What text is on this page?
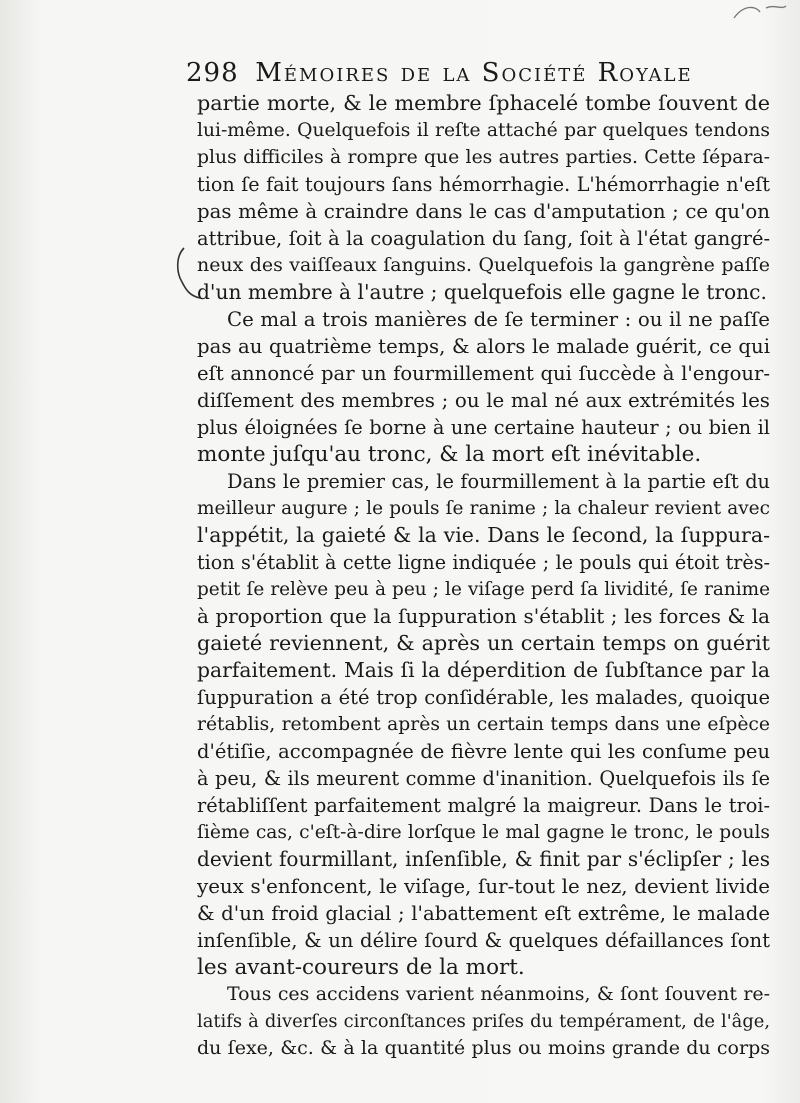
298 Mémoires de la Société Royale
partie morte, & le membre ſphacelé tombe ſouvent de
lui-même. Quelquefois il reſte attaché par quelques tendons
plus difficiles à rompre que les autres parties. Cette ſépara-
tion ſe fait toujours ſans hémorrhagie. L'hémorrhagie n'eſt
pas même à craindre dans le cas d'amputation ; ce qu'on
attribue, ſoit à la coagulation du ſang, ſoit à l'état gangré-
neux des vaiſſeaux ſanguins. Quelquefois la gangrène paſſe
d'un membre à l'autre ; quelquefois elle gagne le tronc.
Ce mal a trois manières de ſe terminer : ou il ne paſſe
pas au quatrième temps, & alors le malade guérit, ce qui
eſt annoncé par un fourmillement qui ſuccède à l'engour-
diſſement des membres ; ou le mal né aux extrémités les
plus éloignées ſe borne à une certaine hauteur ; ou bien il
monte juſqu'au tronc, & la mort eſt inévitable.
Dans le premier cas, le fourmillement à la partie eſt du
meilleur augure ; le pouls ſe ranime ; la chaleur revient avec
l'appétit, la gaieté & la vie. Dans le ſecond, la ſuppura-
tion s'établit à cette ligne indiquée ; le pouls qui étoit très-
petit ſe relève peu à peu ; le viſage perd ſa lividité, ſe ranime
à proportion que la ſuppuration s'établit ; les forces & la
gaieté reviennent, & après un certain temps on guérit
parfaitement. Mais ſi la déperdition de ſubſtance par la
ſuppuration a été trop conſidérable, les malades, quoique
rétablis, retombent après un certain temps dans une eſpèce
d'étiſie, accompagnée de fièvre lente qui les conſume peu
à peu, & ils meurent comme d'inanition. Quelquefois ils ſe
rétabliſſent parfaitement malgré la maigreur. Dans le troi-
ſième cas, c'eſt-à-dire lorſque le mal gagne le tronc, le pouls
devient fourmillant, inſenſible, & finit par s'éclipſer ; les
yeux s'enfoncent, le viſage, ſur-tout le nez, devient livide
& d'un froid glacial ; l'abattement eſt extrême, le malade
inſenſible, & un délire ſourd & quelques défaillances ſont
les avant-coureurs de la mort.
Tous ces accidens varient néanmoins, & ſont ſouvent re-
latifs à diverſes circonſtances priſes du tempérament, de l'âge,
du ſexe, &c. & à la quantité plus ou moins grande du corps
